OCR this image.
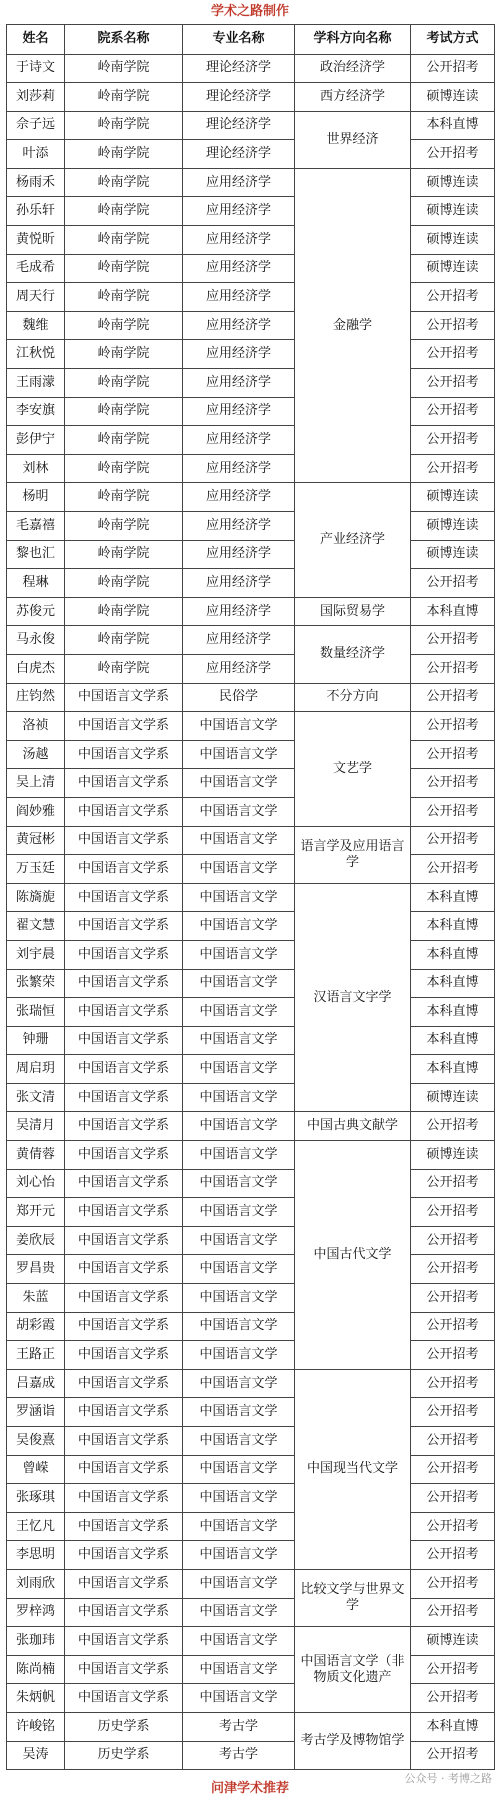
学术之路制作
姓名	院系名称	专业名称	学科方向名称	考试方式
于诗文	岭南学院	理论经济学	政治经济学	公开招考
刘莎莉	岭南学院	理论经济学	西方经济学	硕博连读
佘子远	岭南学院	理论经济学	世界经济	本科直博
叶添	岭南学院	理论经济学		公开招考
杨雨禾	岭南学院	应用经济学	金融学	硕博连读
孙乐轩	岭南学院	应用经济学		硕博连读
黄悦昕	岭南学院	应用经济学		硕博连读
毛成希	岭南学院	应用经济学		硕博连读
周天行	岭南学院	应用经济学		公开招考
魏维	岭南学院	应用经济学		公开招考
江秋悦	岭南学院	应用经济学		公开招考
王雨濛	岭南学院	应用经济学		公开招考
李安旗	岭南学院	应用经济学		公开招考
彭伊宁	岭南学院	应用经济学		公开招考
刘林	岭南学院	应用经济学		公开招考
杨明	岭南学院	应用经济学	产业经济学	硕博连读
毛嘉禧	岭南学院	应用经济学		硕博连读
黎也汇	岭南学院	应用经济学		硕博连读
程琳	岭南学院	应用经济学		公开招考
苏俊元	岭南学院	应用经济学	国际贸易学	本科直博
马永俊	岭南学院	应用经济学	数量经济学	公开招考
白虎杰	岭南学院	应用经济学		公开招考
庄钧然	中国语言文学系	民俗学	不分方向	公开招考
洛祯	中国语言文学系	中国语言文学	文艺学	公开招考
汤越	中国语言文学系	中国语言文学		公开招考
吴上清	中国语言文学系	中国语言文学		公开招考
阎妙雅	中国语言文学系	中国语言文学		公开招考
黄冠彬	中国语言文学系	中国语言文学	语言学及应用语言学	公开招考
万玉廷	中国语言文学系	中国语言文学		公开招考
陈旖旎	中国语言文学系	中国语言文学	汉语言文字学	本科直博
翟文慧	中国语言文学系	中国语言文学		本科直博
刘宇晨	中国语言文学系	中国语言文学		本科直博
张繁荣	中国语言文学系	中国语言文学		本科直博
张瑞恒	中国语言文学系	中国语言文学		本科直博
钟珊	中国语言文学系	中国语言文学		本科直博
周启玥	中国语言文学系	中国语言文学		本科直博
张文清	中国语言文学系	中国语言文学		硕博连读
吴清月	中国语言文学系	中国语言文学	中国古典文献学	公开招考
黄倩蓉	中国语言文学系	中国语言文学	中国古代文学	硕博连读
刘心怡	中国语言文学系	中国语言文学		公开招考
郑开元	中国语言文学系	中国语言文学		公开招考
姜欣辰	中国语言文学系	中国语言文学		公开招考
罗昌贵	中国语言文学系	中国语言文学		公开招考
朱蓝	中国语言文学系	中国语言文学		公开招考
胡彩霞	中国语言文学系	中国语言文学		公开招考
王路正	中国语言文学系	中国语言文学		公开招考
吕嘉成	中国语言文学系	中国语言文学	中国现当代文学	公开招考
罗涵诣	中国语言文学系	中国语言文学		公开招考
吴俊熹	中国语言文学系	中国语言文学		公开招考
曾嵘	中国语言文学系	中国语言文学		公开招考
张琢琪	中国语言文学系	中国语言文学		公开招考
王忆凡	中国语言文学系	中国语言文学		公开招考
李思明	中国语言文学系	中国语言文学		公开招考
刘雨欣	中国语言文学系	中国语言文学	比较文学与世界文学	公开招考
罗梓鸿	中国语言文学系	中国语言文学		公开招考
张珈玮	中国语言文学系	中国语言文学	中国语言文学（非物质文化遗产	硕博连读
陈尚楠	中国语言文学系	中国语言文学		公开招考
朱炳帆	中国语言文学系	中国语言文学		公开招考
许峻铭	历史学系	考古学	考古学及博物馆学	本科直博
吴涛	历史学系	考古学		公开招考
公众号 · 考博之路
问津学术推荐
